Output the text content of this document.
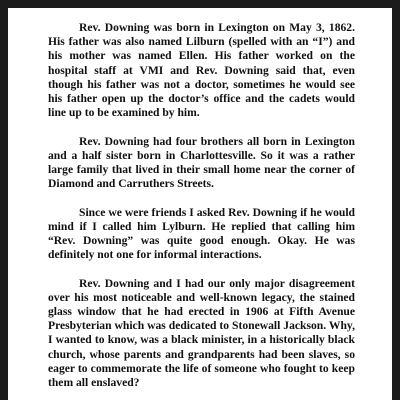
Rev. Downing was born in Lexington on May 3, 1862. His father was also named Lilburn (spelled with an “I”) and his mother was named Ellen. His father worked on the hospital staff at VMI and Rev. Downing said that, even though his father was not a doctor, sometimes he would see his father open up the doctor’s office and the cadets would line up to be examined by him.

Rev. Downing had four brothers all born in Lexington and a half sister born in Charlottesville. So it was a rather large family that lived in their small home near the corner of Diamond and Carruthers Streets.

Since we were friends I asked Rev. Downing if he would mind if I called him Lylburn. He replied that calling him “Rev. Downing” was quite good enough. Okay. He was definitely not one for informal interactions.

Rev. Downing and I had our only major disagreement over his most noticeable and well-known legacy, the stained glass window that he had erected in 1906 at Fifth Avenue Presbyterian which was dedicated to Stonewall Jackson. Why, I wanted to know, was a black minister, in a historically black church, whose parents and grandparents had been slaves, so eager to commemorate the life of someone who fought to keep them all enslaved?
